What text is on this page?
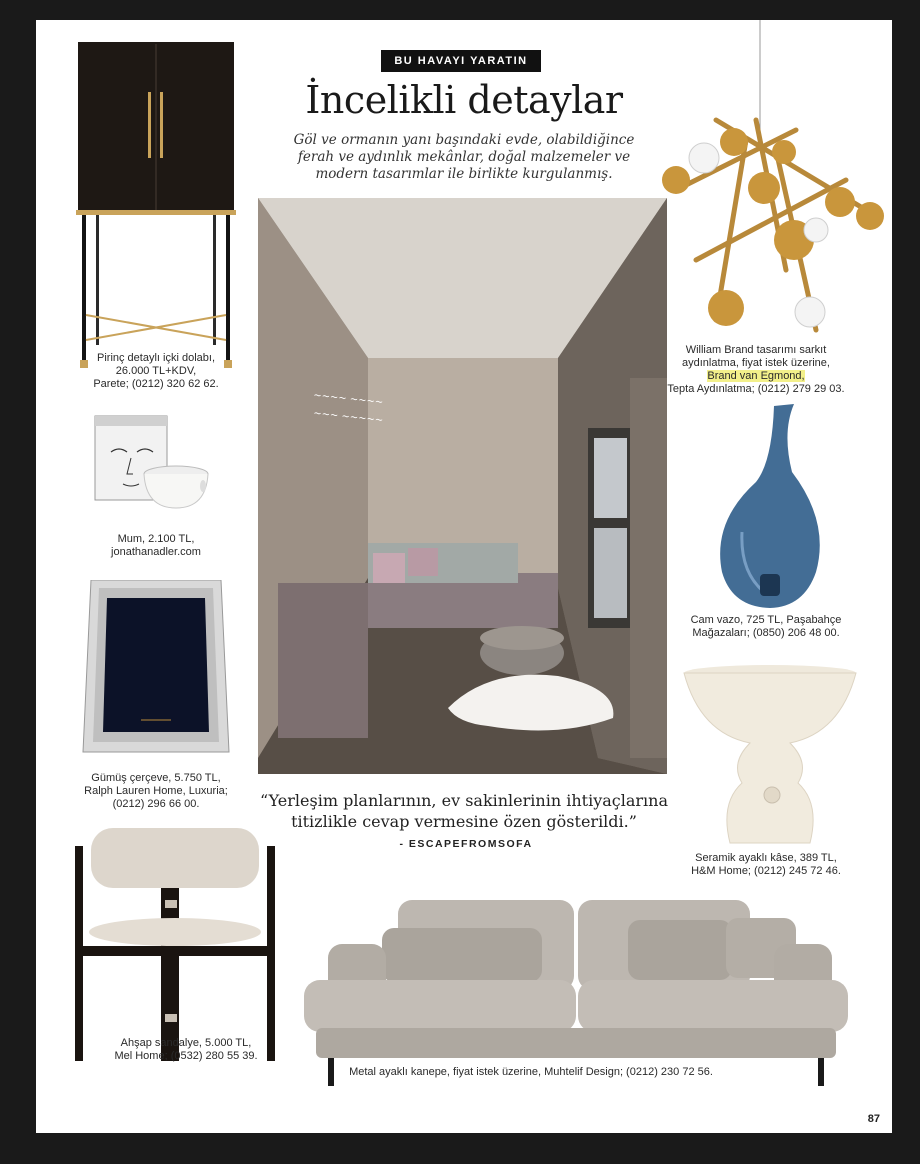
BU HAVAYI YARATIN
İncelikli detaylar
Göl ve ormanın yanı başındaki evde, olabildiğince
ferah ve aydınlık mekânlar, doğal malzemeler ve
modern tasarımlar ile birlikte kurgulanmış.
Pirinç detaylı içki dolabı,
26.000 TL+KDV,
Parete; (0212) 320 62 62.
Mum, 2.100 TL,
jonathanadler.com
Gümüş çerçeve, 5.750 TL,
Ralph Lauren Home, Luxuria;
(0212) 296 66 00.
Ahşap sandalye, 5.000 TL,
Mel Home; (0532) 280 55 39.
~~~~ ~~~~
~~~ ~~~~~
“Yerleşim planlarının, ev sakinlerinin ihtiyaçlarına
titizlikle cevap vermesine özen gösterildi.”
- ESCAPEFROMSOFA
William Brand tasarımı sarkıt
aydınlatma, fiyat istek üzerine,
Brand van Egmond,
Tepta Aydınlatma; (0212) 279 29 03.
Cam vazo, 725 TL, Paşabahçe
Mağazaları; (0850) 206 48 00.
Seramik ayaklı kâse, 389 TL,
H&M Home; (0212) 245 72 46.
Metal ayaklı kanepe, fiyat istek üzerine, Muhtelif Design; (0212) 230 72 56.
87
